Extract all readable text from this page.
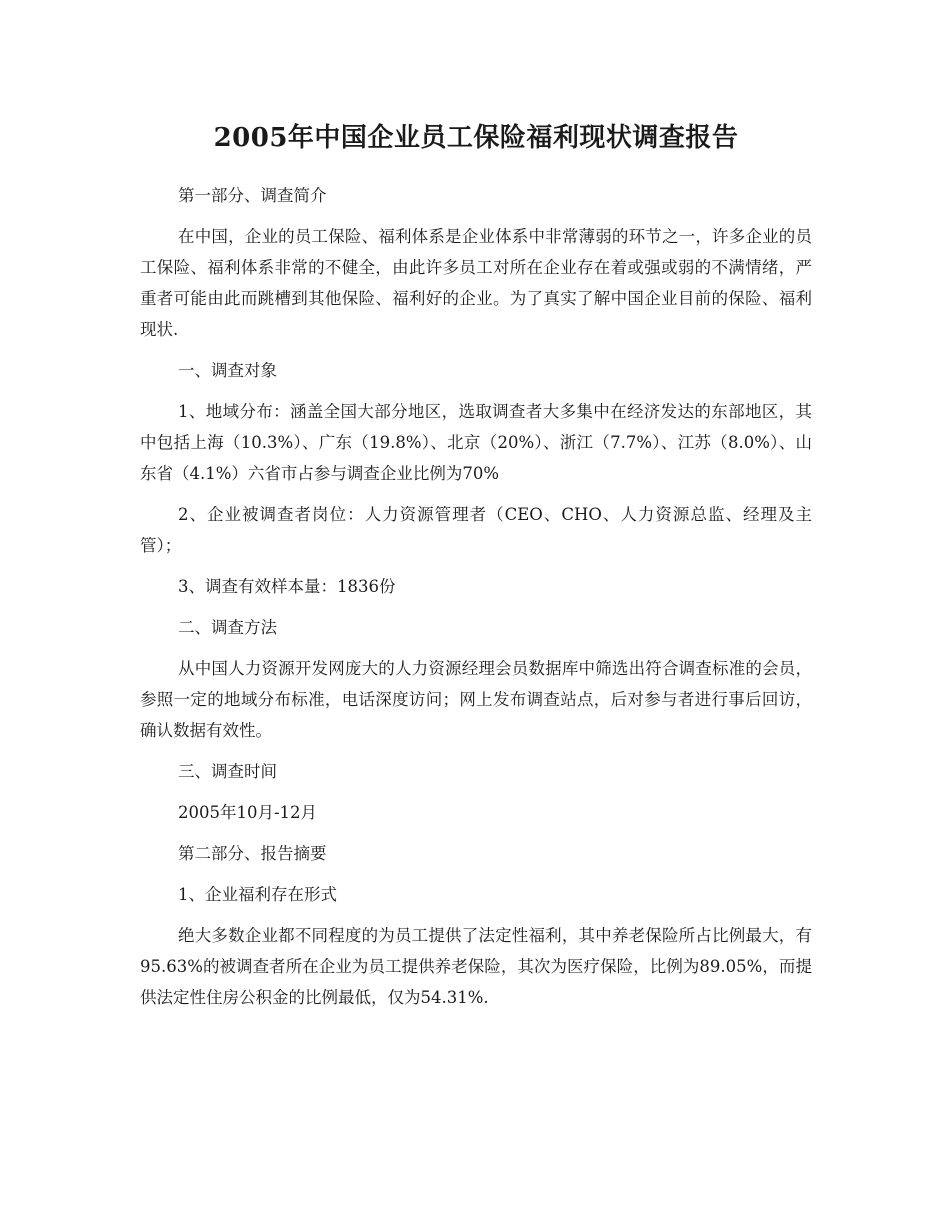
2005年中国企业员工保险福利现状调查报告

第一部分、调查简介

在中国，企业的员工保险、福利体系是企业体系中非常薄弱的环节之一，许多企业的员工保险、福利体系非常的不健全，由此许多员工对所在企业存在着或强或弱的不满情绪，严重者可能由此而跳槽到其他保险、福利好的企业。为了真实了解中国企业目前的保险、福利现状.

一、调查对象

1、地域分布：涵盖全国大部分地区，选取调查者大多集中在经济发达的东部地区，其中包括上海（10.3%）、广东（19.8%）、北京（20%）、浙江（7.7%）、江苏（8.0%）、山东省（4.1%）六省市占参与调查企业比例为70%

2、企业被调查者岗位：人力资源管理者（CEO、CHO、人力资源总监、经理及主管）；

3、调查有效样本量：1836份

二、调查方法

从中国人力资源开发网庞大的人力资源经理会员数据库中筛选出符合调查标准的会员，参照一定的地域分布标准，电话深度访问；网上发布调查站点，后对参与者进行事后回访，确认数据有效性。

三、调查时间

2005年10月-12月

第二部分、报告摘要

1、企业福利存在形式

绝大多数企业都不同程度的为员工提供了法定性福利，其中养老保险所占比例最大，有95.63%的被调查者所在企业为员工提供养老保险，其次为医疗保险，比例为89.05%，而提供法定性住房公积金的比例最低，仅为54.31%.
